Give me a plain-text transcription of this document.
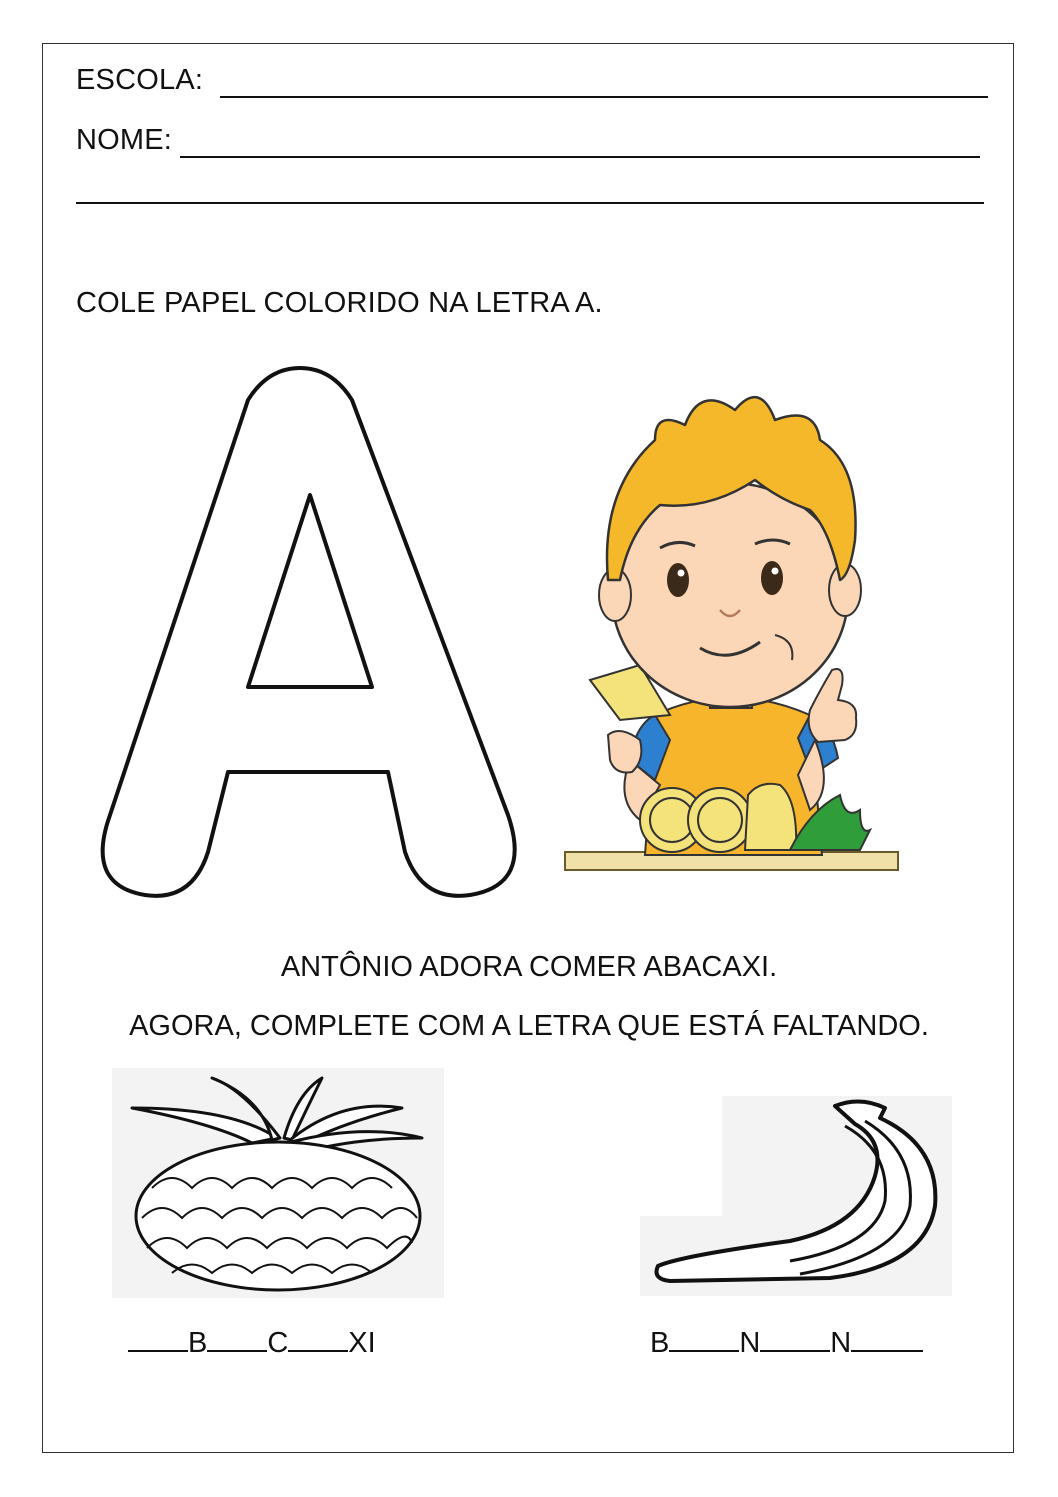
ESCOLA:
NOME:
COLE PAPEL COLORIDO NA LETRA A.
ANTÔNIO ADORA COMER ABACAXI.
AGORA, COMPLETE COM A LETRA QUE ESTÁ FALTANDO.
B C XI	B N N
